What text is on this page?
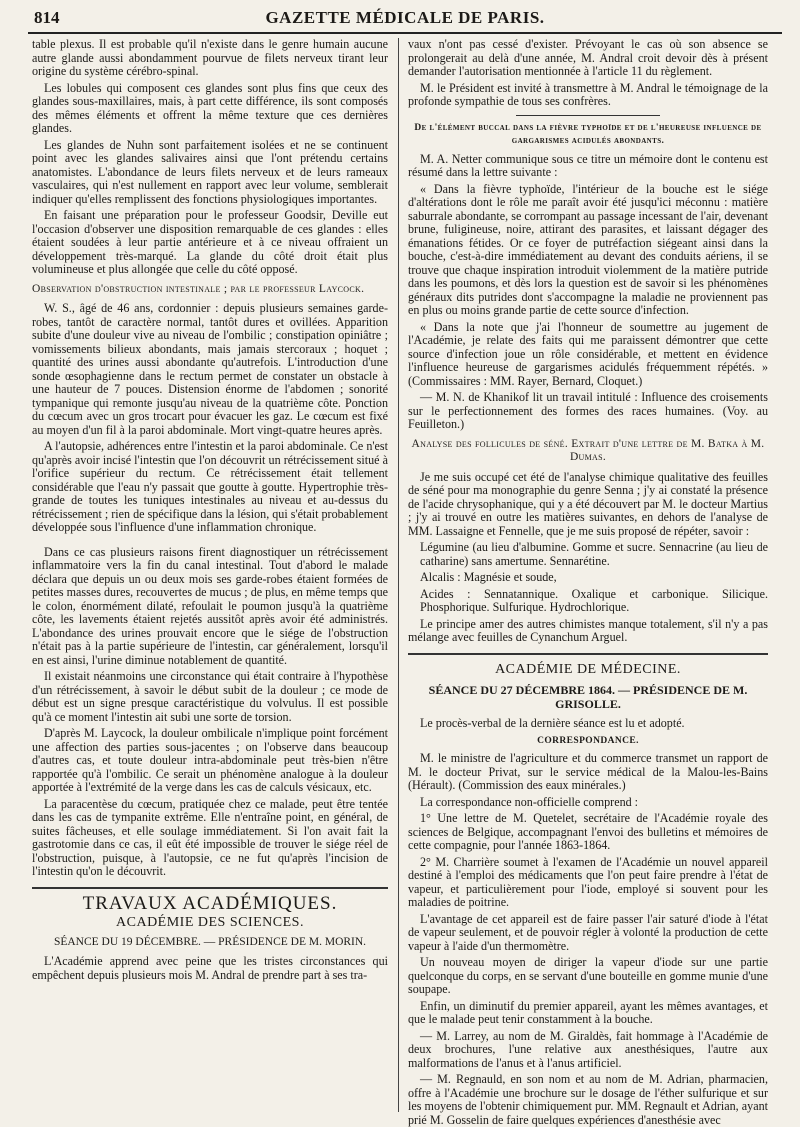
814	GAZETTE MÉDICALE DE PARIS.

table plexus. Il est probable qu'il n'existe dans le genre humain aucune autre glande aussi abondamment pourvue de filets nerveux tirant leur origine du système cérébro-spinal.

Les lobules qui composent ces glandes sont plus fins que ceux des glandes sous-maxillaires, mais, à part cette différence, ils sont composés des mêmes éléments et offrent la même texture que ces dernières glandes.

Les glandes de Nuhn sont parfaitement isolées et ne se continuent point avec les glandes salivaires ainsi que l'ont prétendu certains anatomistes. L'abondance de leurs filets nerveux et de leurs rameaux vasculaires, qui n'est nullement en rapport avec leur volume, semblerait indiquer qu'elles remplissent des fonctions physiologiques importantes.

En faisant une préparation pour le professeur Goodsir, Deville eut l'occasion d'observer une disposition remarquable de ces glandes : elles étaient soudées à leur partie antérieure et à ce niveau offraient un développement très-marqué. La glande du côté droit était plus volumineuse et plus allongée que celle du côté opposé.

Observation d'obstruction intestinale ; par le professeur Laycock.

W. S., âgé de 46 ans, cordonnier : depuis plusieurs semaines garde-robes, tantôt de caractère normal, tantôt dures et ovillées. Apparition subite d'une douleur vive au niveau de l'ombilic ; constipation opiniâtre ; vomissements bilieux abondants, mais jamais stercoraux ; hoquet ; quantité des urines aussi abondante qu'autrefois. L'introduction d'une sonde œsophagienne dans le rectum permet de constater un obstacle à une hauteur de 7 pouces. Distension énorme de l'abdomen ; sonorité tympanique qui remonte jusqu'au niveau de la quatrième côte. Ponction du cœcum avec un gros trocart pour évacuer les gaz. Le cœcum est fixé au moyen d'un fil à la paroi abdominale. Mort vingt-quatre heures après.

A l'autopsie, adhérences entre l'intestin et la paroi abdominale. Ce n'est qu'après avoir incisé l'intestin que l'on découvrit un rétrécissement situé à l'orifice supérieur du rectum. Ce rétrécissement était tellement considérable que l'eau n'y passait que goutte à goutte. Hypertrophie très-grande de toutes les tuniques intestinales au niveau et au-dessus du rétrécissement ; rien de spécifique dans la lésion, qui s'était probablement développée sous l'influence d'une inflammation chronique.

Dans ce cas plusieurs raisons firent diagnostiquer un rétrécissement inflammatoire vers la fin du canal intestinal. Tout d'abord le malade déclara que depuis un ou deux mois ses garde-robes étaient formées de petites masses dures, recouvertes de mucus ; de plus, en même temps que le colon, énormément dilaté, refoulait le poumon jusqu'à la quatrième côte, les lavements étaient rejetés aussitôt après avoir été administrés. L'abondance des urines prouvait encore que le siége de l'obstruction n'était pas à la partie supérieure de l'intestin, car généralement, lorsqu'il en est ainsi, l'urine diminue notablement de quantité.

Il existait néanmoins une circonstance qui était contraire à l'hypothèse d'un rétrécissement, à savoir le début subit de la douleur ; ce mode de début est un signe presque caractéristique du volvulus. Il est possible qu'à ce moment l'intestin ait subi une sorte de torsion.

D'après M. Laycock, la douleur ombilicale n'implique point forcément une affection des parties sous-jacentes ; on l'observe dans beaucoup d'autres cas, et toute douleur intra-abdominale peut très-bien n'être rapportée qu'à l'ombilic. Ce serait un phénomène analogue à la douleur apportée à l'extrémité de la verge dans les cas de calculs vésicaux, etc.

La paracentèse du cœcum, pratiquée chez ce malade, peut être tentée dans les cas de tympanite extrême. Elle n'entraîne point, en général, de suites fâcheuses, et elle soulage immédiatement. Si l'on avait fait la gastrotomie dans ce cas, il eût été impossible de trouver le siége réel de l'obstruction, puisque, à l'autopsie, ce ne fut qu'après l'incision de l'intestin qu'on le découvrit.

TRAVAUX ACADÉMIQUES.

ACADÉMIE DES SCIENCES.

SÉANCE DU 19 DÉCEMBRE. — PRÉSIDENCE DE M. MORIN.

L'Académie apprend avec peine que les tristes circonstances qui empêchent depuis plusieurs mois M. Andral de prendre part à ses tra-

vaux n'ont pas cessé d'exister. Prévoyant le cas où son absence se prolongerait au delà d'une année, M. Andral croit devoir dès à présent demander l'autorisation mentionnée à l'article 11 du règlement.

M. le Président est invité à transmettre à M. Andral le témoignage de la profonde sympathie de tous ses confrères.

De l'élément buccal dans la fièvre typhoïde et de l'heureuse influence de gargarismes acidulés abondants.

M. A. Netter communique sous ce titre un mémoire dont le contenu est résumé dans la lettre suivante :

« Dans la fièvre typhoïde, l'intérieur de la bouche est le siége d'altérations dont le rôle me paraît avoir été jusqu'ici méconnu : matière saburrale abondante, se corrompant au passage incessant de l'air, devenant brune, fuligineuse, noire, attirant des parasites, et laissant dégager des émanations fétides. Or ce foyer de putréfaction siégeant ainsi dans la bouche, c'est-à-dire immédiatement au devant des conduits aériens, il se trouve que chaque inspiration introduit violemment de la matière putride dans les poumons, et dès lors la question est de savoir si les phénomènes généraux dits putrides dont s'accompagne la maladie ne proviennent pas en plus ou moins grande partie de cette source d'infection.

« Dans la note que j'ai l'honneur de soumettre au jugement de l'Académie, je relate des faits qui me paraissent démontrer que cette source d'infection joue un rôle considérable, et mettent en évidence l'influence heureuse de gargarismes acidulés fréquemment répétés. » (Commissaires : MM. Rayer, Bernard, Cloquet.)

— M. N. de Khanikof lit un travail intitulé : Influence des croisements sur le perfectionnement des formes des races humaines. (Voy. au Feuilleton.)

Analyse des follicules de séné. Extrait d'une lettre de M. Batka à M. Dumas.

Je me suis occupé cet été de l'analyse chimique qualitative des feuilles de séné pour ma monographie du genre Senna ; j'y ai constaté la présence de l'acide chrysophanique, qui y a été découvert par M. le docteur Martius ; j'y ai trouvé en outre les matières suivantes, en dehors de l'analyse de MM. Lassaigne et Fennelle, que je me suis proposé de répéter, savoir :

Légumine (au lieu d'albumine. Gomme et sucre. Sennacrine (au lieu de catharine) sans amertume. Sennarétine.

Alcalis : Magnésie et soude,

Acides : Sennatannique. Oxalique et carbonique. Silicique. Phosphorique. Sulfurique. Hydrochlorique.

Le principe amer des autres chimistes manque totalement, s'il n'y a pas mélange avec feuilles de Cynanchum Arguel.

ACADÉMIE DE MÉDECINE.

SÉANCE DU 27 DÉCEMBRE 1864. — PRÉSIDENCE DE M. GRISOLLE.

Le procès-verbal de la dernière séance est lu et adopté.

CORRESPONDANCE.

M. le ministre de l'agriculture et du commerce transmet un rapport de M. le docteur Privat, sur le service médical de la Malou-les-Bains (Hérault). (Commission des eaux minérales.)

La correspondance non-officielle comprend :

1° Une lettre de M. Quetelet, secrétaire de l'Académie royale des sciences de Belgique, accompagnant l'envoi des bulletins et mémoires de cette compagnie, pour l'année 1863-1864.

2° M. Charrière soumet à l'examen de l'Académie un nouvel appareil destiné à l'emploi des médicaments que l'on peut faire prendre à l'état de vapeur, et particulièrement pour l'iode, employé si souvent pour les maladies de poitrine.

L'avantage de cet appareil est de faire passer l'air saturé d'iode à l'état de vapeur seulement, et de pouvoir régler à volonté la production de cette vapeur à l'aide d'un thermomètre.

Un nouveau moyen de diriger la vapeur d'iode sur une partie quelconque du corps, en se servant d'une bouteille en gomme munie d'une soupape.

Enfin, un diminutif du premier appareil, ayant les mêmes avantages, et que le malade peut tenir constamment à la bouche.

— M. Larrey, au nom de M. Giraldès, fait hommage à l'Académie de deux brochures, l'une relative aux anesthésiques, l'autre aux malformations de l'anus et à l'anus artificiel.

— M. Regnauld, en son nom et au nom de M. Adrian, pharmacien, offre à l'Académie une brochure sur le dosage de l'éther sulfurique et sur les moyens de l'obtenir chimiquement pur. MM. Regnault et Adrian, ayant prié M. Gosselin de faire quelques expériences d'anesthésie avec
